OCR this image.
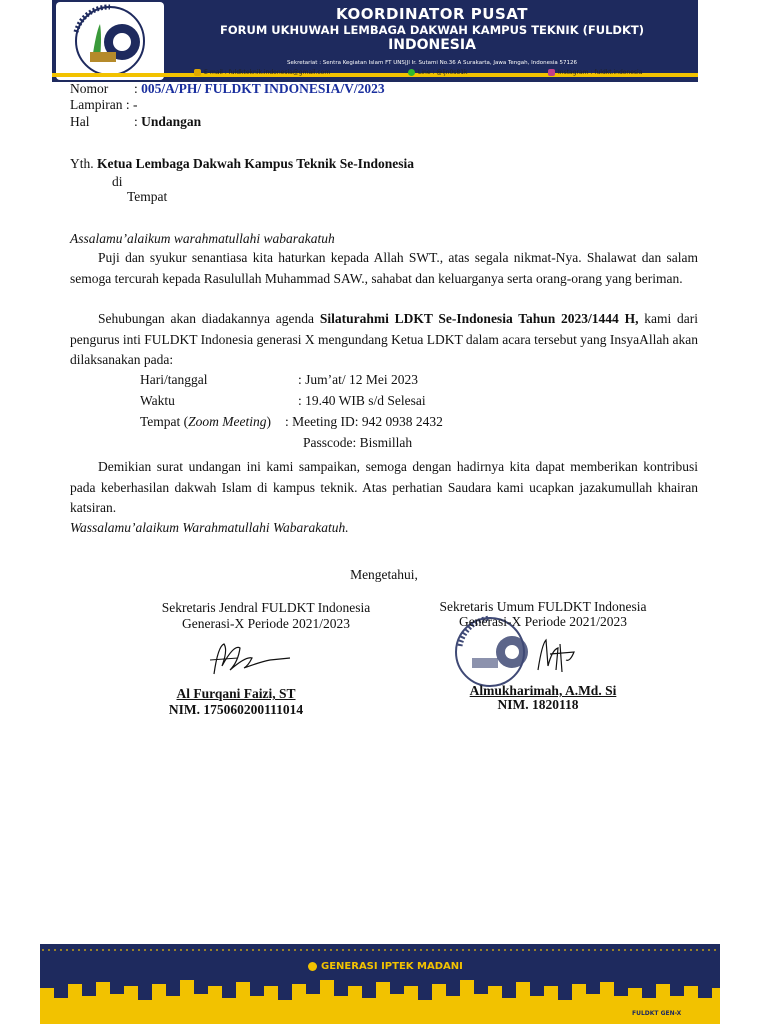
KOORDINATOR PUSAT
FORUM UKHUWAH LEMBAGA DAKWAH KAMPUS TEKNIK (FULDKT)
INDONESIA
Sekretariat : Sentra Kegiatan Islam FT UNS|Jl Ir. Sutami No.36 A Surakarta, Jawa Tengah, Indonesia 57126
E-mail : fuldkteknik.indonesia@gmail.com	Line : @ljn0s81k	Instagram : fuldkt.indonesia
Nomor : 005/A/PH/ FULDKT INDONESIA/V/2023
Lampiran : -
Hal	: Undangan
Yth. Ketua Lembaga Dakwah Kampus Teknik Se-Indonesia
di
Tempat
Assalamu’alaikum warahmatullahi wabarakatuh
Puji dan syukur senantiasa kita haturkan kepada Allah SWT., atas segala nikmat-Nya. Shalawat dan salam semoga tercurah kepada Rasulullah Muhammad SAW., sahabat dan keluarganya serta orang-orang yang beriman.
Sehubungan akan diadakannya agenda Silaturahmi LDKT Se-Indonesia Tahun 2023/1444 H, kami dari pengurus inti FULDKT Indonesia generasi X mengundang Ketua LDKT dalam acara tersebut yang InsyaAllah akan dilaksanakan pada:
Hari/tanggal	: Jum’at/ 12 Mei 2023
Waktu	: 19.40 WIB s/d Selesai
Tempat (Zoom Meeting) : Meeting ID: 942 0938 2432
Passcode: Bismillah
Demikian surat undangan ini kami sampaikan, semoga dengan hadirnya kita dapat memberikan kontribusi pada keberhasilan dakwah Islam di kampus teknik. Atas perhatian Saudara kami ucapkan jazakumullah khairan katsiran.
Wassalamu’alaikum Warahmatullahi Wabarakatuh.
Mengetahui,
Sekretaris Jendral FULDKT Indonesia
Generasi-X Periode 2021/2023
Al Furqani Faizi, ST
NIM. 175060200111014
Sekretaris Umum FULDKT Indonesia
Generasi-X Periode 2021/2023
Almukharimah, A.Md. Si
NIM. 1820118
GENERASI IPTEK MADANI
FULDKT GEN-X
